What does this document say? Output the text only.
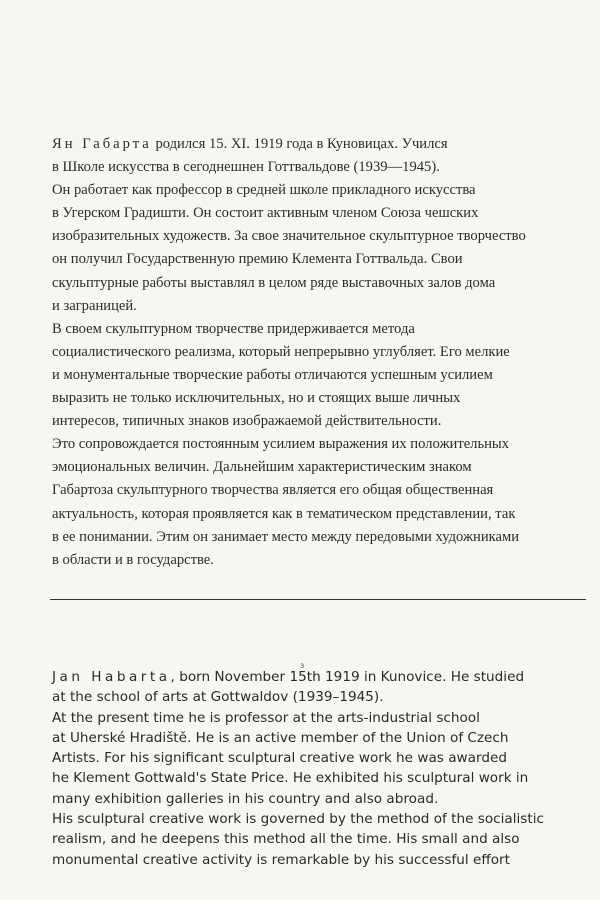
Ян Габарта родился 15. XI. 1919 года в Куновицах. Учился
в Школе искусства в сегоднешнен Готтвальдове (1939—1945).
Он работает как профессор в средней школе прикладного искусства
в Угерском Градишти. Он состоит активным членом Союза чешских
изобразительных художеств. За свое значительное скульптурное творчество
он получил Государственную премию Клемента Готтвальда. Свои
скульптурные работы выставлял в целом ряде выставочных залов дома
и заграницей.
В своем скульптурном творчестве придерживается метода
социалистического реализма, который непрерывно углубляет. Его мелкие
и монументальные творческие работы отличаются успешным усилием
выразить не только исключительных, но и стоящих выше личных
интересов, типичных знаков изображаемой действительности.
Это сопровождается постоянным усилием выражения их положительных
эмоциональных величин. Дальнейшим характеристическим знаком
Габартоза скульптурного творчества является его общая общественная
актуальность, которая проявляется как в тематическом представлении, так
в ее понимании. Этим он занимает место между передовыми художниками
в области и в государстве.
з
Jan Habarta, born November 15th 1919 in Kunovice. He studied
at the school of arts at Gottwaldov (1939–1945).
At the present time he is professor at the arts-industrial school
at Uherské Hradiště. He is an active member of the Union of Czech
Artists. For his significant sculptural creative work he was awarded
he Klement Gottwald's State Price. He exhibited his sculptural work in
many exhibition galleries in his country and also abroad.
His sculptural creative work is governed by the method of the socialistic
realism, and he deepens this method all the time. His small and also
monumental creative activity is remarkable by his successful effort
